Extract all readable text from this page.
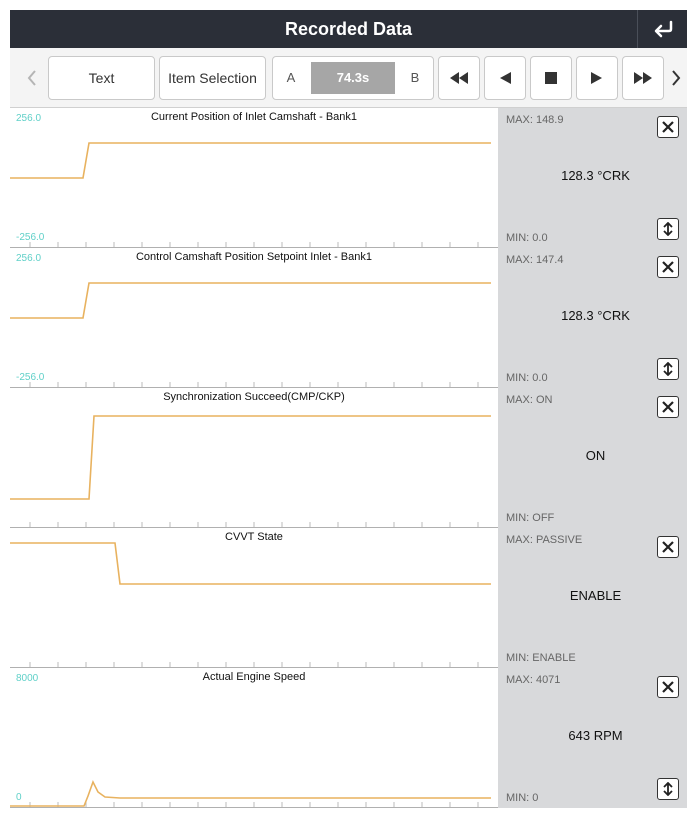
Recorded Data
Text	Item Selection	A	74.3s	B
Current Position of Inlet Camshaft - Bank1
256.0
-256.0
MAX: 148.9
128.3 °CRK
MIN: 0.0
Control Camshaft Position Setpoint Inlet - Bank1
256.0
-256.0
MAX: 147.4
128.3 °CRK
MIN: 0.0
Synchronization Succeed(CMP/CKP)	MAX: ON
ON
MIN: OFF
CVVT State	MAX: PASSIVE
ENABLE
MIN: ENABLE
Actual Engine Speed
8000
0
MAX: 4071
643 RPM
MIN: 0
